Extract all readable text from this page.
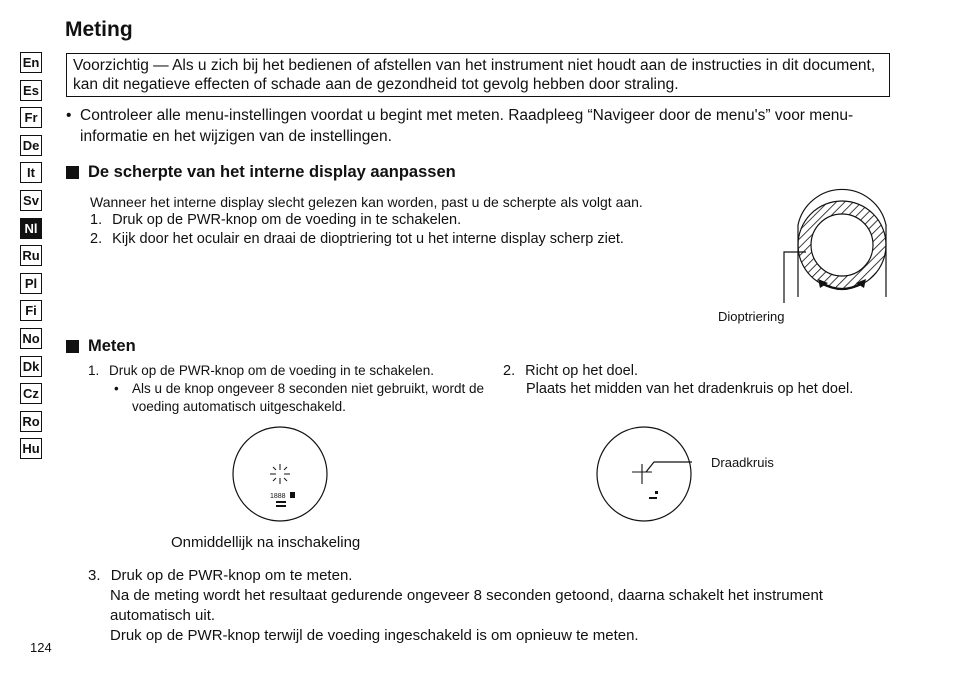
Meting
En
Es
Fr
De
It
Sv
Nl
Ru
Pl
Fi
No
Dk
Cz
Ro
Hu
Voorzichtig — Als u zich bij het bedienen of afstellen van het instrument niet houdt aan de instructies in dit document, kan dit negatieve effecten of schade aan de gezondheid tot gevolg hebben door straling.
• Controleer alle menu-instellingen voordat u begint met meten. Raadpleeg “Navigeer door de menu's” voor menu-informatie en het wijzigen van de instellingen.
De scherpte van het interne display aanpassen
Wanneer het interne display slecht gelezen kan worden, past u de scherpte als volgt aan.
1. Druk op de PWR-knop om de voeding in te schakelen.
2. Kijk door het oculair en draai de dioptriering tot u het interne display scherp ziet.
Dioptriering
Meten
1. Druk op de PWR-knop om de voeding in te schakelen.
• Als u de knop ongeveer 8 seconden niet gebruikt, wordt de voeding automatisch uitgeschakeld.
2. Richt op het doel.
Plaats het midden van het dradenkruis op het doel.
1888
Onmiddellijk na inschakeling
Draadkruis
3. Druk op de PWR-knop om te meten.
Na de meting wordt het resultaat gedurende ongeveer 8 seconden getoond, daarna schakelt het instrument automatisch uit.
Druk op de PWR-knop terwijl de voeding ingeschakeld is om opnieuw te meten.
124
